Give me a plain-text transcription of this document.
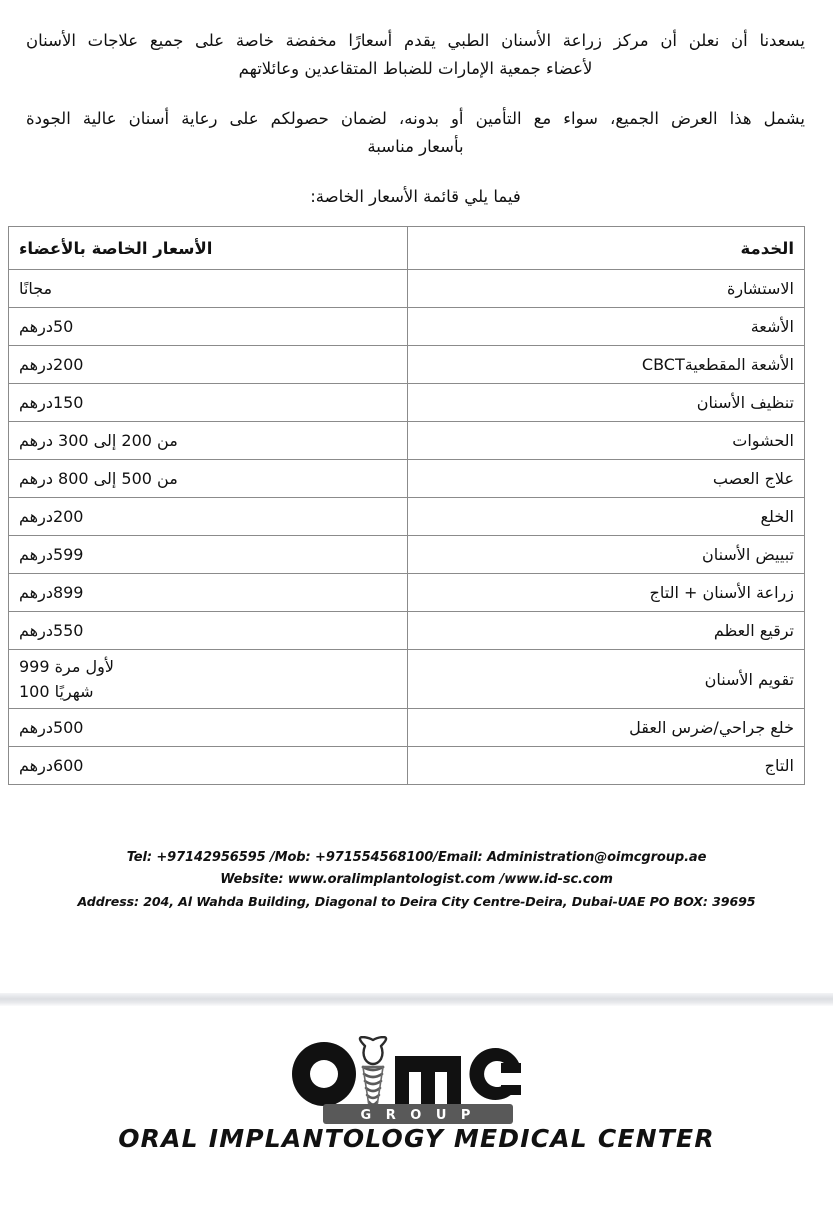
يسعدنا أن نعلن أن مركز زراعة الأسنان الطبي يقدم أسعارًا مخفضة خاصة على جميع علاجات الأسنان
لأعضاء جمعية الإمارات للضباط المتقاعدين وعائلاتهم

يشمل هذا العرض الجميع، سواء مع التأمين أو بدونه، لضمان حصولكم على رعاية أسنان عالية الجودة
بأسعار مناسبة

فيما يلي قائمة الأسعار الخاصة:

الخدمة	الأسعار الخاصة بالأعضاء
الاستشارة	مجانًا
الأشعة	50درهم
الأشعة المقطعيةCBCT	200درهم
تنظيف الأسنان	150درهم
الحشوات	من 200 إلى 300 درهم
علاج العصب	من 500 إلى 800 درهم
الخلع	200درهم
تبييض الأسنان	599درهم
زراعة الأسنان + التاج	899درهم
ترقيع العظم	550درهم
تقويم الأسنان	لأول مرة 999
شهريًا 100

خلع جراحي/ضرس العقل	500درهم
التاج	600درهم
Tel: +97142956595 /Mob: +971554568100/Email: Administration@oimcgroup.ae
Website: www.oralimplantologist.com /www.id-sc.com
Address: 204, Al Wahda Building, Diagonal to Deira City Centre-Deira, Dubai-UAE PO BOX: 39695
G R O U P
ORAL IMPLANTOLOGY MEDICAL CENTER
